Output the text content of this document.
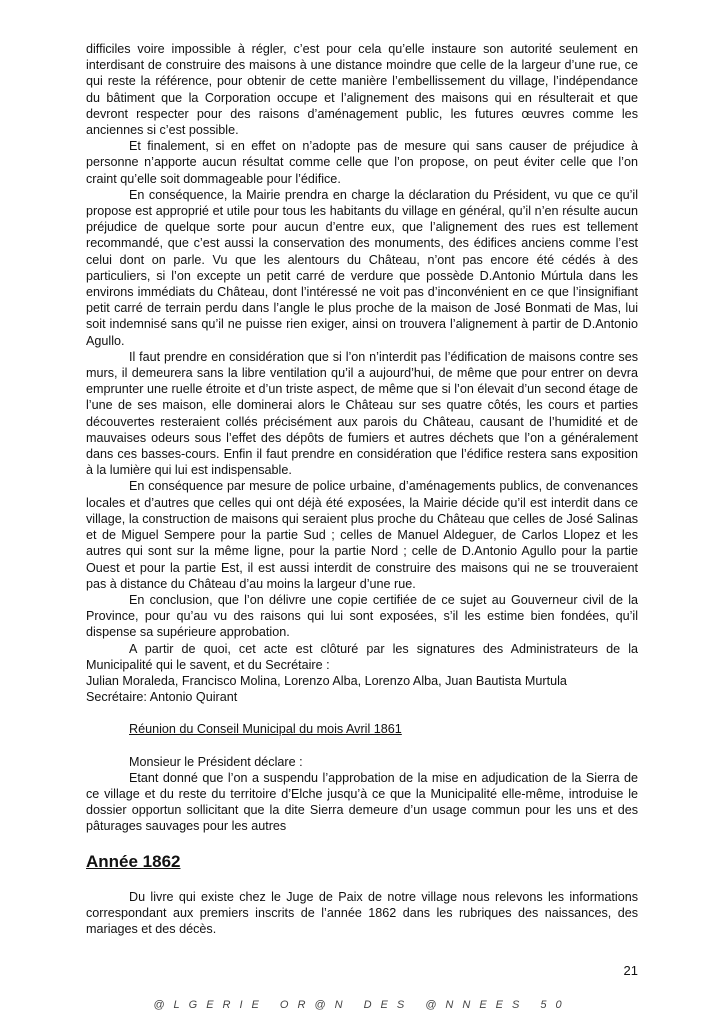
difficiles voire impossible à régler, c’est pour cela qu’elle instaure son autorité seulement en interdisant de construire des maisons à une distance moindre que celle de la largeur d’une rue, ce qui reste la référence, pour obtenir de cette manière l’embellissement du village, l’indépendance du bâtiment que la Corporation occupe et l’alignement des maisons qui en résulterait et que devront respecter pour des raisons d’aménagement public, les futures œuvres comme les anciennes si c’est possible.

Et finalement, si en effet on n’adopte pas de mesure qui sans causer de préjudice à personne n’apporte aucun résultat comme celle que l’on propose, on peut éviter celle que l’on craint qu’elle soit dommageable pour l’édifice.

En conséquence, la Mairie prendra en charge la déclaration du Président, vu que ce qu’il propose est approprié et utile pour tous les habitants du village en général, qu’il n’en résulte aucun préjudice de quelque sorte pour aucun d’entre eux, que l’alignement des rues est tellement recommandé, que c’est aussi la conservation des monuments, des édifices anciens comme l’est celui dont on parle. Vu que les alentours du Château, n’ont pas encore été cédés à des particuliers, si l’on excepte un petit carré de verdure que possède D.Antonio Múrtula dans les environs immédiats du Château, dont l’intéressé ne voit pas d’inconvénient en ce que l’insignifiant petit carré de terrain perdu dans l’angle le plus proche de la maison de José Bonmati de Mas, lui soit indemnisé sans qu’il ne puisse rien exiger, ainsi on trouvera l’alignement à partir de D.Antonio Agullo.

Il faut prendre en considération que si l’on n’interdit pas l’édification de maisons contre ses murs, il demeurera sans la libre ventilation qu’il a aujourd’hui, de même que pour entrer on devra emprunter une ruelle étroite et d’un triste aspect, de même que si l’on élevait d’un second étage de l’une de ses maison, elle dominerai alors le Château sur ses quatre côtés, les cours et parties découvertes resteraient collés précisément aux parois du Château, causant de l’humidité et de mauvaises odeurs sous l’effet des dépôts de fumiers et autres déchets que l’on a généralement dans ces basses-cours. Enfin il faut prendre en considération que l’édifice restera sans exposition à la lumière qui lui est indispensable.

En conséquence par mesure de police urbaine, d’aménagements publics, de convenances locales et d’autres que celles qui ont déjà été exposées, la Mairie décide qu’il est interdit dans ce village, la construction de maisons qui seraient plus proche du Château que celles de José Salinas et de Miguel Sempere pour la partie Sud ; celles de Manuel Aldeguer, de Carlos Llopez et les autres qui sont sur la même ligne, pour la partie Nord ; celle de D.Antonio Agullo pour la partie Ouest et pour la partie Est, il est aussi interdit de construire des maisons qui ne se trouveraient pas à distance du Château d’au moins la largeur d’une rue.

En conclusion, que l’on délivre une copie certifiée de ce sujet au Gouverneur civil de la Province, pour qu’au vu des raisons qui lui sont exposées, s’il les estime bien fondées, qu’il dispense sa supérieure approbation.

A partir de quoi, cet acte est clôturé par les signatures des Administrateurs de la Municipalité qui le savent, et du Secrétaire :

Julian Moraleda, Francisco Molina, Lorenzo Alba, Lorenzo Alba, Juan Bautista Murtula

Secrétaire: Antonio Quirant

Réunion du Conseil Municipal du mois Avril 1861

Monsieur le Président déclare :

Etant donné que l’on a suspendu l’approbation de la mise en adjudication de la Sierra de ce village et du reste du territoire d’Elche jusqu’à ce que la Municipalité elle-même, introduise le dossier opportun sollicitant que la dite Sierra demeure d’un usage commun pour les uns et des pâturages sauvages pour les autres

Année 1862

Du livre qui existe chez le Juge de Paix de notre village nous relevons les informations correspondant aux premiers inscrits de l’année 1862 dans les rubriques des naissances, des mariages et des décès.

21
@LGERIE OR@N DES @NNEES 50
